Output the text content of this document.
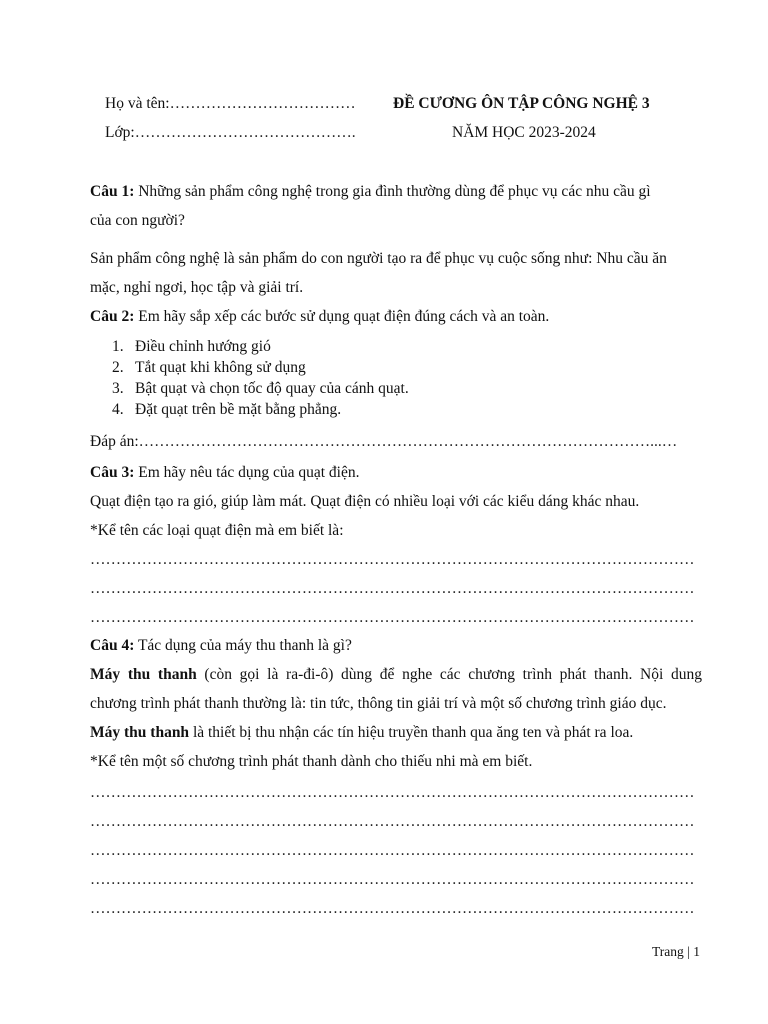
Họ và tên:……………………………… ĐỀ CƯƠNG ÔN TẬP CÔNG NGHỆ 3
Lớp:…………………………………….	NĂM HỌC 2023-2024
Câu 1: Những sản phẩm công nghệ trong gia đình thường dùng để phục vụ các nhu cầu gì
của con người?
Sản phẩm công nghệ là sản phẩm do con người tạo ra để phục vụ cuộc sống như: Nhu cầu ăn
mặc, nghỉ ngơi, học tập và giải trí.
Câu 2: Em hãy sắp xếp các bước sử dụng quạt điện đúng cách và an toàn.
1. Điều chỉnh hướng gió
2. Tắt quạt khi không sử dụng
3. Bật quạt và chọn tốc độ quay của cánh quạt.
4. Đặt quạt trên bề mặt bằng phẳng.
Đáp án:………………………………………………………………………………………...…
Câu 3: Em hãy nêu tác dụng của quạt điện.
Quạt điện tạo ra gió, giúp làm mát. Quạt điện có nhiều loại với các kiểu dáng khác nhau.
*Kể tên các loại quạt điện mà em biết là:
………………………………………………………………………………………………………
………………………………………………………………………………………………………
………………………………………………………………………………………………………
Câu 4: Tác dụng của máy thu thanh là gì?
Máy thu thanh (còn gọi là ra-đi-ô) dùng để nghe các chương trình phát thanh. Nội dung
chương trình phát thanh thường là: tin tức, thông tin giải trí và một số chương trình giáo dục.
Máy thu thanh là thiết bị thu nhận các tín hiệu truyền thanh qua ăng ten và phát ra loa.
*Kể tên một số chương trình phát thanh dành cho thiếu nhi mà em biết.
………………………………………………………………………………………………………
………………………………………………………………………………………………………
………………………………………………………………………………………………………
………………………………………………………………………………………………………
………………………………………………………………………………………………………
Trang | 1
